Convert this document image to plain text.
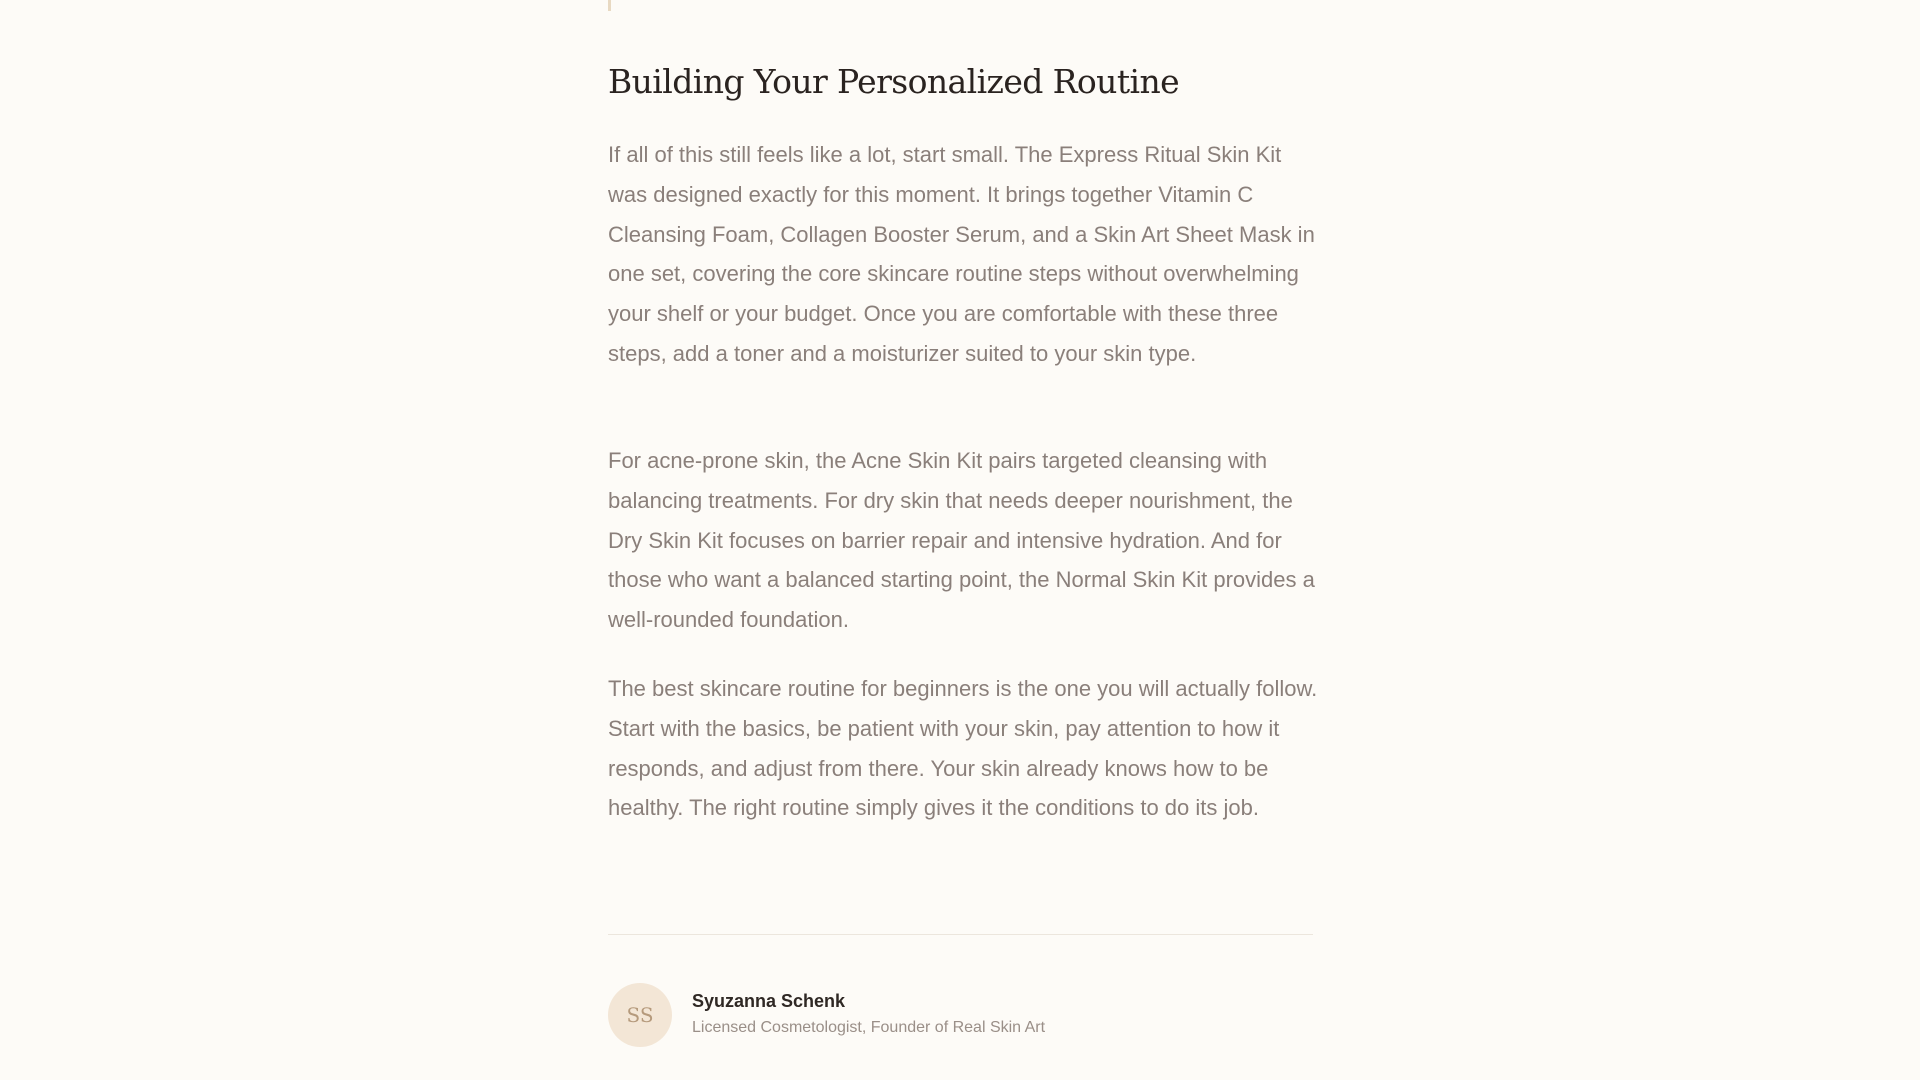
Building Your Personalized Routine

If all of this still feels like a lot, start small. The Express Ritual Skin Kit was designed exactly for this moment. It brings together Vitamin C Cleansing Foam, Collagen Booster Serum, and a Skin Art Sheet Mask in one set, covering the core skincare routine steps without overwhelming your shelf or your budget. Once you are comfortable with these three steps, add a toner and a moisturizer suited to your skin type.

For acne-prone skin, the Acne Skin Kit pairs targeted cleansing with balancing treatments. For dry skin that needs deeper nourishment, the Dry Skin Kit focuses on barrier repair and intensive hydration. And for those who want a balanced starting point, the Normal Skin Kit provides a well-rounded foundation.

The best skincare routine for beginners is the one you will actually follow. Start with the basics, be patient with your skin, pay attention to how it responds, and adjust from there. Your skin already knows how to be healthy. The right routine simply gives it the conditions to do its job.

SS
Syuzanna Schenk
Licensed Cosmetologist, Founder of Real Skin Art
